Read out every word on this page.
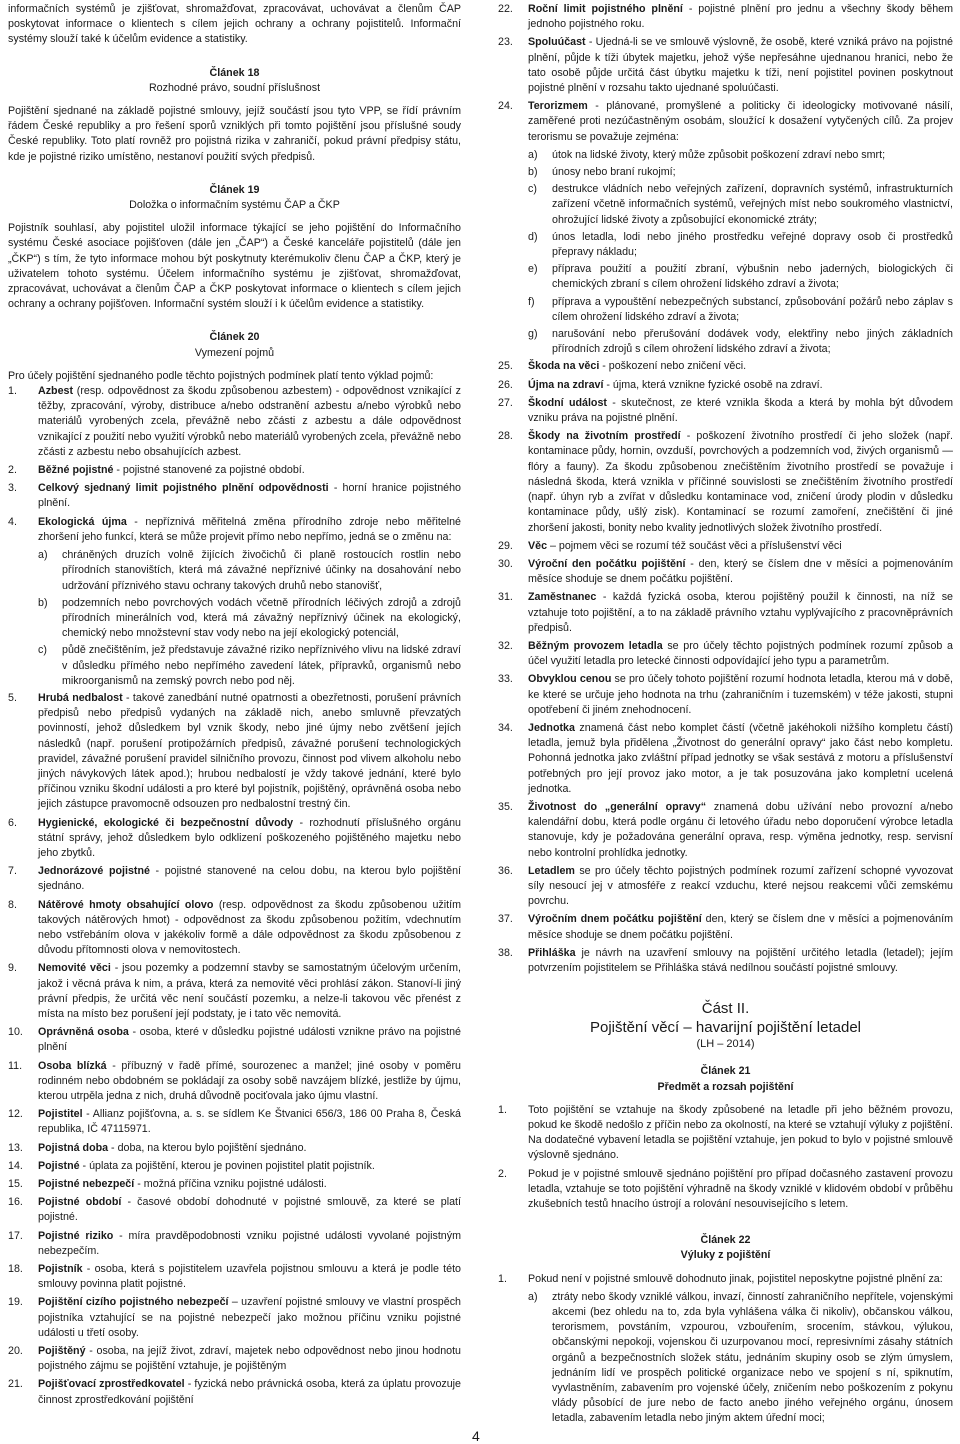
informačních systémů je zjišťovat, shromažďovat, zpracovávat, uchovávat a členům ČAP poskytovat informace o klientech s cílem jejich ochrany a ochrany pojistitelů. Informační systémy slouží také k účelům evidence a statistiky.

Článek 18
Rozhodné právo, soudní příslušnost

Pojištění sjednané na základě pojistné smlouvy, jejíž součástí jsou tyto VPP, se řídí právním řádem České republiky a pro řešení sporů vzniklých při tomto pojištění jsou příslušné soudy České republiky. Toto platí rovněž pro pojistná rizika v zahraničí, pokud právní předpisy státu, kde je pojistné riziko umístěno, nestanoví použití svých předpisů.

Článek 19
Doložka o informačním systému ČAP a ČKP

Pojistník souhlasí, aby pojistitel uložil informace týkající se jeho pojištění do Informačního systému České asociace pojišťoven (dále jen „ČAP“) a České kanceláře pojistitelů (dále jen „ČKP“) s tím, že tyto informace mohou být poskytnuty kterémukoliv členu ČAP a ČKP, který je uživatelem tohoto systému. Účelem informačního systému je zjišťovat, shromažďovat, zpracovávat, uchovávat a členům ČAP a ČKP poskytovat informace o klientech s cílem jejich ochrany a ochrany pojišťoven. Informační systém slouží i k účelům evidence a statistiky.

Článek 20
Vymezení pojmů

Pro účely pojištění sjednaného podle těchto pojistných podmínek platí tento výklad pojmů:

1.	Azbest (resp. odpovědnost za škodu způsobenou azbestem) - odpovědnost vznikající z těžby, zpracování, výroby, distribuce a/nebo odstranění azbestu a/nebo výrobků nebo materiálů vyrobených zcela, převážně nebo zčásti z azbestu a dále odpovědnost vznikající z použití nebo využití výrobků nebo materiálů vyrobených zcela, převážně nebo zčásti z azbestu nebo obsahujících azbest.
2.	Běžné pojistné - pojistné stanovené za pojistné období.
3.	Celkový sjednaný limit pojistného plnění odpovědnosti - horní hranice pojistného plnění.
4.	Ekologická újma - nepříznivá měřitelná změna přírodního zdroje nebo měřitelné zhoršení jeho funkcí, která se může projevit přímo nebo nepřímo, jedná se o změnu na:
a)	chráněných druzích volně žijících živočichů či planě rostoucích rostlin nebo přírodních stanovištích, která má závažné nepříznivé účinky na dosahování nebo udržování příznivého stavu ochrany takových druhů nebo stanovišť,
b)	podzemních nebo povrchových vodách včetně přírodních léčivých zdrojů a zdrojů přírodních minerálních vod, která má závažný nepříznivý účinek na ekologický, chemický nebo množstevní stav vody nebo na její ekologický potenciál,
c)	půdě znečištěním, jež představuje závažné riziko nepříznivého vlivu na lidské zdraví v důsledku přímého nebo nepřímého zavedení látek, přípravků, organismů nebo mikroorganismů na zemský povrch nebo pod něj.
5.	Hrubá nedbalost - takové zanedbání nutné opatrnosti a obezřetnosti, porušení právních předpisů nebo předpisů vydaných na základě nich, anebo smluvně převzatých povinností, jehož důsledkem byl vznik škody, nebo jiné újmy nebo zvětšení jejích následků (např. porušení protipožárních předpisů, závažné porušení technologických pravidel, závažné porušení pravidel silničního provozu, činnost pod vlivem alkoholu nebo jiných návykových látek apod.); hrubou nedbalostí je vždy takové jednání, které bylo příčinou vzniku škodní události a pro které byl pojistník, pojištěný, oprávněná osoba nebo jejich zástupce pravomocně odsouzen pro nedbalostní trestný čin.
6.	Hygienické, ekologické či bezpečnostní důvody - rozhodnutí příslušného orgánu státní správy, jehož důsledkem bylo odklizení poškozeného pojištěného majetku nebo jeho zbytků.
7.	Jednorázové pojistné - pojistné stanovené na celou dobu, na kterou bylo pojištění sjednáno.
8.	Nátěrové hmoty obsahující olovo (resp. odpovědnost za škodu způsobenou užitím takových nátěrových hmot) - odpovědnost za škodu způsobenou požitím, vdechnutím nebo vstřebáním olova v jakékoliv formě a dále odpovědnost za škodu způsobenou z důvodu přítomnosti olova v nemovitostech.
9.	Nemovité věci - jsou pozemky a podzemní stavby se samostatným účelovým určením, jakož i věcná práva k nim, a práva, která za nemovité věci prohlásí zákon. Stanoví-li jiný právní předpis, že určitá věc není součástí pozemku, a nelze-li takovou věc přenést z místa na místo bez porušení její podstaty, je i tato věc nemovitá.
10.	Oprávněná osoba - osoba, které v důsledku pojistné události vznikne právo na pojistné plnění
11.	Osoba blízká - příbuzný v řadě přímé, sourozenec a manžel; jiné osoby v poměru rodinném nebo obdobném se pokládají za osoby sobě navzájem blízké, jestliže by újmu, kterou utrpěla jedna z nich, druhá důvodně pociťovala jako újmu vlastní.
12.	Pojistitel - Allianz pojišťovna, a. s. se sídlem Ke Štvanici 656/3, 186 00 Praha 8, Česká republika, IČ 47115971.
13.	Pojistná doba - doba, na kterou bylo pojištění sjednáno.
14.	Pojistné - úplata za pojištění, kterou je povinen pojistitel platit pojistník.
15.	Pojistné nebezpečí - možná příčina vzniku pojistné události.
16.	Pojistné období - časové období dohodnuté v pojistné smlouvě, za které se platí pojistné.
17.	Pojistné riziko - míra pravděpodobnosti vzniku pojistné události vyvolané pojistným nebezpečím.
18.	Pojistník - osoba, která s pojistitelem uzavřela pojistnou smlouvu a která je podle této smlouvy povinna platit pojistné.
19.	Pojištění cizího pojistného nebezpečí – uzavření pojistné smlouvy ve vlastní prospěch pojistníka vztahující se na pojistné nebezpečí jako možnou příčinu vzniku pojistné události u třetí osoby.
20.	Pojištěný - osoba, na jejíž život, zdraví, majetek nebo odpovědnost nebo jinou hodnotu pojistného zájmu se pojištění vztahuje, je pojištěným
21.	Pojišťovací zprostředkovatel - fyzická nebo právnická osoba, která za úplatu provozuje činnost zprostředkování pojištění
22.	Roční limit pojistného plnění - pojistné plnění pro jednu a všechny škody během jednoho pojistného roku.
23.	Spoluúčast - Ujedná-li se ve smlouvě výslovně, že osobě, které vzniká právo na pojistné plnění, půjde k tíži úbytek majetku, jehož výše nepřesáhne ujednanou hranici, nebo že tato osobě půjde určitá část úbytku majetku k tíži, není pojistitel povinen poskytnout pojistné plnění v rozsahu takto ujednané spoluúčasti.
24.	Terorizmem - plánované, promyšlené a politicky či ideologicky motivované násilí, zaměřené proti nezúčastněným osobám, sloužící k dosažení vytyčených cílů. Za projev terorismu se považuje zejména:
a)	útok na lidské životy, který může způsobit poškození zdraví nebo smrt;
b)	únosy nebo braní rukojmí;
c)	destrukce vládních nebo veřejných zařízení, dopravních systémů, infrastrukturních zařízení včetně informačních systémů, veřejných míst nebo soukromého vlastnictví, ohrožující lidské životy a způsobující ekonomické ztráty;
d)	únos letadla, lodi nebo jiného prostředku veřejné dopravy osob či prostředků přepravy nákladu;
e)	příprava použití a použití zbraní, výbušnin nebo jaderných, biologických či chemických zbraní s cílem ohrožení lidského zdraví a života;
f)	příprava a vypouštění nebezpečných substancí, způsobování požárů nebo záplav s cílem ohrožení lidského zdraví a života;
g)	narušování nebo přerušování dodávek vody, elektřiny nebo jiných základních přírodních zdrojů s cílem ohrožení lidského zdraví a života;
25.	Škoda na věci - poškození nebo zničení věci.
26.	Újma na zdraví - újma, která vznikne fyzické osobě na zdraví.
27.	Škodní událost - skutečnost, ze které vznikla škoda a která by mohla být důvodem vzniku práva na pojistné plnění.
28.	Škody na životním prostředí - poškození životního prostředí či jeho složek (např. kontaminace půdy, hornin, ovzduší, povrchových a podzemních vod, živých organismů — flóry a fauny). Za škodu způsobenou znečištěním životního prostředí se považuje i následná škoda, která vznikla v příčinné souvislosti se znečištěním životního prostředí (např. úhyn ryb a zvířat v důsledku kontaminace vod, zničení úrody plodin v důsledku kontaminace půdy, ušlý zisk). Kontaminací se rozumí zamoření, znečištění či jiné zhoršení jakosti, bonity nebo kvality jednotlivých složek životního prostředí.
29.	Věc – pojmem věci se rozumí též součást věci a příslušenství věci
30.	Výroční den počátku pojištění - den, který se číslem dne v měsíci a pojmenováním měsíce shoduje se dnem počátku pojištění.
31.	Zaměstnanec - každá fyzická osoba, kterou pojištěný použil k činnosti, na níž se vztahuje toto pojištění, a to na základě právního vztahu vyplývajícího z pracovněprávních předpisů.
32.	Běžným provozem letadla se pro účely těchto pojistných podmínek rozumí způsob a účel využití letadla pro letecké činnosti odpovídající jeho typu a parametrům.
33.	Obvyklou cenou se pro účely tohoto pojištění rozumí hodnota letadla, kterou má v době, ke které se určuje jeho hodnota na trhu (zahraničním i tuzemském) v téže jakosti, stupni opotřebení či jiném znehodnocení.
34.	Jednotka znamená část nebo komplet částí (včetně jakéhokoli nižšího kompletu částí) letadla, jemuž byla přidělena „Životnost do generální opravy“ jako část nebo kompletu. Pohonná jednotka jako zvláštní případ jednotky se však sestává z motoru a příslušenství potřebných pro její provoz jako motor, a je tak posuzována jako kompletní ucelená jednotka.
35.	Životnost do „generální opravy“ znamená dobu užívání nebo provozní a/nebo kalendářní dobu, která podle orgánu či letového úřadu nebo doporučení výrobce letadla stanovuje, kdy je požadována generální oprava, resp. výměna jednotky, resp. servisní nebo kontrolní prohlídka jednotky.
36.	Letadlem se pro účely těchto pojistných podmínek rozumí zařízení schopné vyvozovat síly nesoucí jej v atmosféře z reakcí vzduchu, které nejsou reakcemi vůči zemskému povrchu.
37.	Výročním dnem počátku pojištění den, který se číslem dne v měsíci a pojmenováním měsíce shoduje se dnem počátku pojištění.
38.	Přihláška je návrh na uzavření smlouvy na pojištění určitého letadla (letadel); jejím potvrzením pojistitelem se Přihláška stává nedílnou součástí pojistné smlouvy.
Část II.
Pojištění věcí – havarijní pojištění letadel
(LH – 2014)
Článek 21
Předmět a rozsah pojištění
1.	Toto pojištění se vztahuje na škody způsobené na letadle při jeho běžném provozu, pokud ke škodě nedošlo z příčin nebo za okolností, na které se vztahují výluky z pojištění. Na dodatečné vybavení letadla se pojištění vztahuje, jen pokud to bylo v pojistné smlouvě výslovně sjednáno.
2.	Pokud je v pojistné smlouvě sjednáno pojištění pro případ dočasného zastavení provozu letadla, vztahuje se toto pojištění výhradně na škody vzniklé v klidovém období v průběhu zkušebních testů hnacího ústrojí a rolování nesouvisejícího s letem.
Článek 22
Výluky z pojištění
1.	Pokud není v pojistné smlouvě dohodnuto jinak, pojistitel neposkytne pojistné plnění za:
a)	ztráty nebo škody vzniklé válkou, invazí, činností zahraničního nepřítele, vojenskými akcemi (bez ohledu na to, zda byla vyhlášena válka či nikoliv), občanskou válkou, terorismem, povstáním, vzpourou, vzbouřením, srocením, stávkou, výlukou, občanskými nepokoji, vojenskou či uzurpovanou mocí, represivními zásahy státních orgánů a bezpečnostních složek státu, jednáním skupiny osob se zlým úmyslem, jednáním lidí ve prospěch politické organizace nebo ve spojení s ní, spiknutím, vyvlastněním, zabavením pro vojenské účely, zničením nebo poškozením z pokynu vlády působící de jure nebo de facto anebo jiného veřejného orgánu, únosem letadla, zabavením letadla nebo jiným aktem úřední moci;
4
